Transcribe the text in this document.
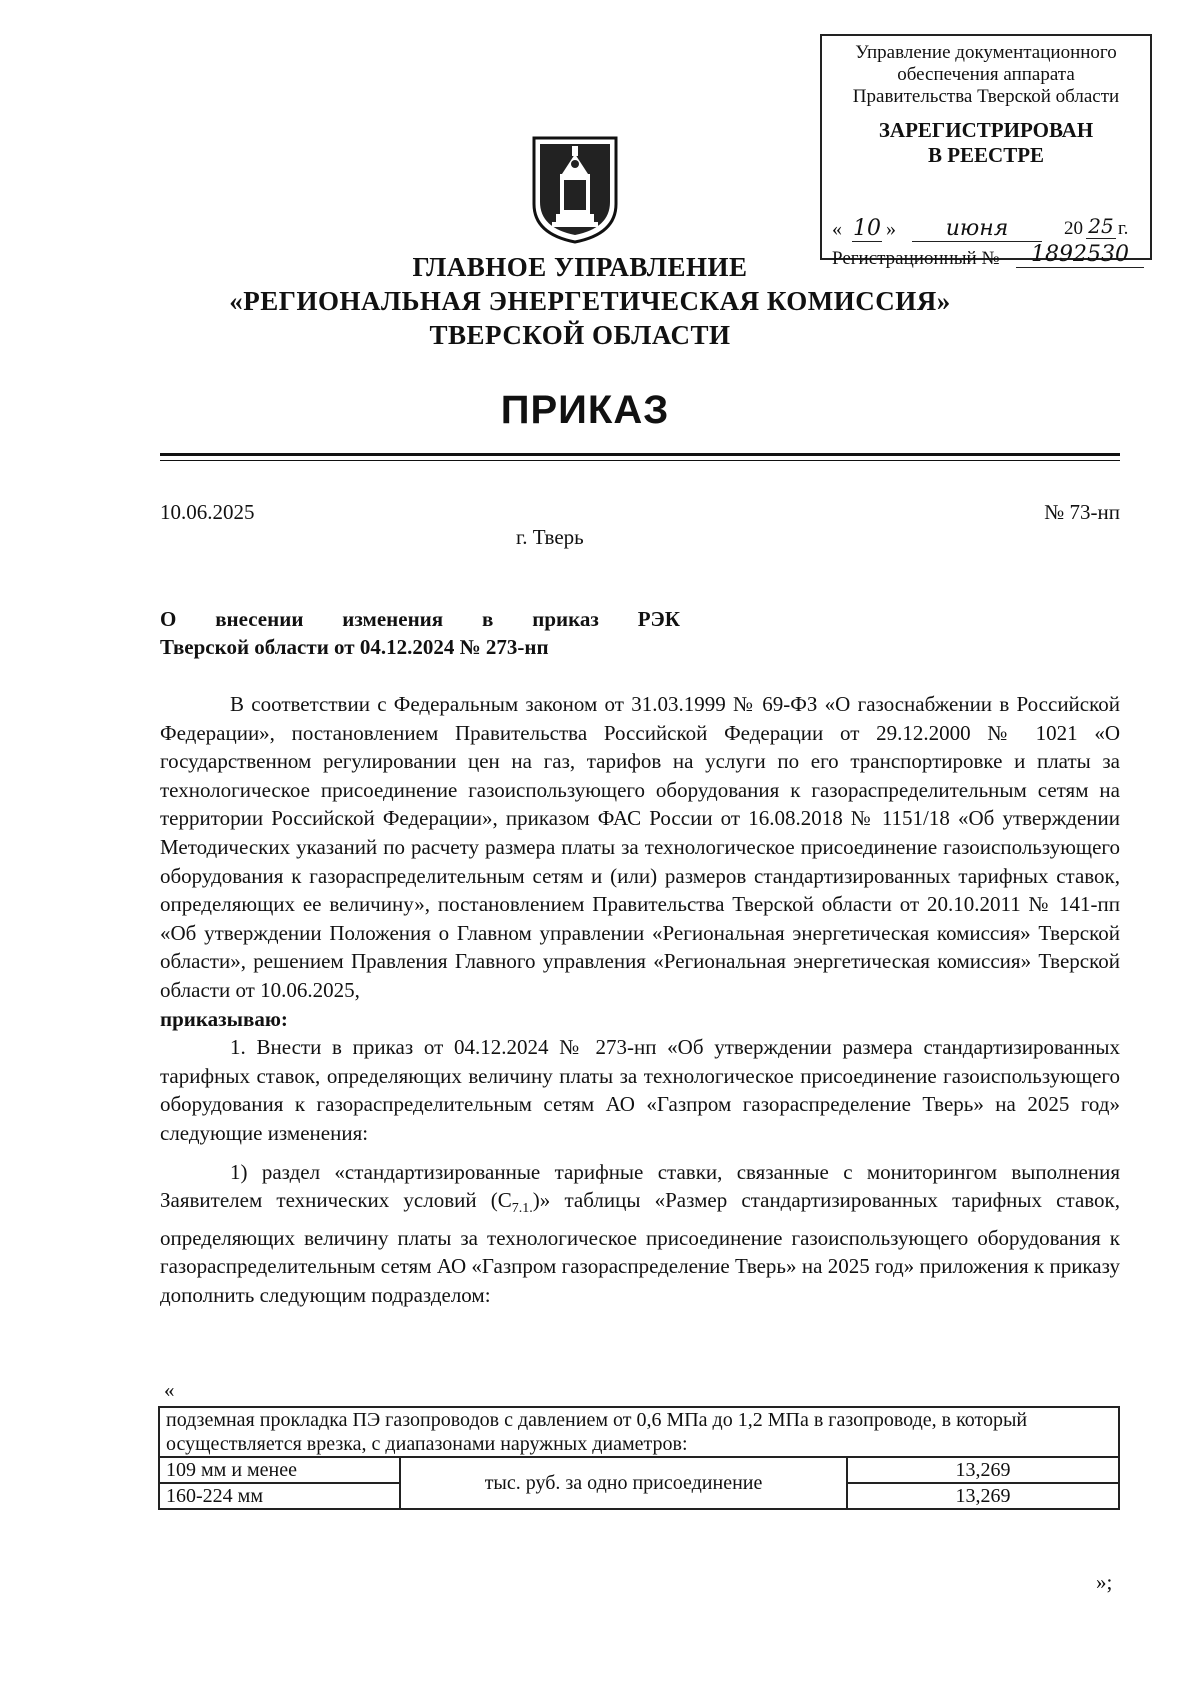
Управление документационного
обеспечения аппарата
Правительства Тверской области
ЗАРЕГИСТРИРОВАН
В РЕЕСТРЕ
« 10 »	июня	20 25 г.
Регистрационный №	1892530
ГЛАВНОЕ УПРАВЛЕНИЕ
«РЕГИОНАЛЬНАЯ ЭНЕРГЕТИЧЕСКАЯ КОМИССИЯ»
ТВЕРСКОЙ ОБЛАСТИ
ПРИКАЗ
10.06.2025	№ 73-нп
г. Тверь
О внесении изменения в приказ РЭК
Тверской области от 04.12.2024 № 273-нп

В соответствии с Федеральным законом от 31.03.1999 № 69-ФЗ «О газоснабжении в Российской Федерации», постановлением Правительства Российской Федерации от 29.12.2000 № 1021 «О государственном регулировании цен на газ, тарифов на услуги по его транспортировке и платы за технологическое присоединение газоиспользующего оборудования к газораспределительным сетям на территории Российской Федерации», приказом ФАС России от 16.08.2018 № 1151/18 «Об утверждении Методических указаний по расчету размера платы за технологическое присоединение газоиспользующего оборудования к газораспределительным сетям и (или) размеров стандартизированных тарифных ставок, определяющих ее величину», постановлением Правительства Тверской области от 20.10.2011 № 141-пп «Об утверждении Положения о Главном управлении «Региональная энергетическая комиссия» Тверской области», решением Правления Главного управления «Региональная энергетическая комиссия» Тверской области от 10.06.2025,

приказываю:

1. Внести в приказ от 04.12.2024 № 273-нп «Об утверждении размера стандартизированных тарифных ставок, определяющих величину платы за технологическое присоединение газоиспользующего оборудования к газораспределительным сетям АО «Газпром газораспределение Тверь» на 2025 год» следующие изменения:

1) раздел «стандартизированные тарифные ставки, связанные с мониторингом выполнения Заявителем технических условий $(С_{7.1.})$» таблицы «Размер стандартизированных тарифных ставок, определяющих величину платы за технологическое присоединение газоиспользующего оборудования к газораспределительным сетям АО «Газпром газораспределение Тверь» на 2025 год» приложения к приказу дополнить следующим подразделом:

«
подземная прокладка ПЭ газопроводов с давлением от 0,6 МПа до 1,2 МПа в газопроводе, в который осуществляется врезка, с диапазонами наружных диаметров:		
109 мм и менее	тыс. руб. за одно присоединение	13,269
160-224 мм		13,269
»;
